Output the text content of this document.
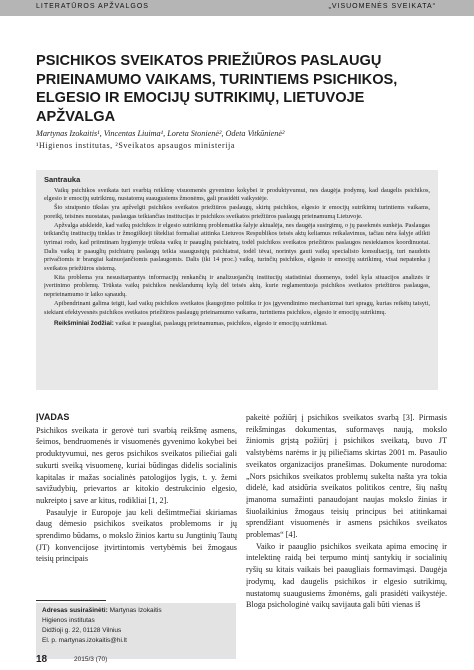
LITERATŪROS APŽVALGOS	„VISUOMENĖS SVEIKATA“
PSICHIKOS SVEIKATOS PRIEŽIŪROS PASLAUGŲ PRIEINAMUMO VAIKAMS, TURINTIEMS PSICHIKOS, ELGESIO IR EMOCIJŲ SUTRIKIMŲ, LIETUVOJE APŽVALGA
Martynas Izokaitis¹, Vincentas Liuima¹, Loreta Stonienė², Odeta Vitkūnienė²
¹Higienos institutas, ²Sveikatos apsaugos ministerija
Santrauka

Vaikų psichikos sveikata turi svarbią reikšmę visuomenės gyvenimo kokybei ir produktyvumui, nes daugėja įrodymų, kad daugelis psichikos, elgesio ir emocijų sutrikimų, nustatomų suaugusiems žmonėms, gali prasidėti vaikystėje.

Šio straipsnio tikslas yra apžvelgti psichikos sveikatos priežiūros paslaugų, skirtų psichikos, elgesio ir emocijų sutrikimų turintiems vaikams, poreikį, teisines nuostatas, paslaugas teikiančias institucijas ir psichikos sveikatos priežiūros paslaugų prieinamumą Lietuvoje.

Apžvalga atskleidė, kad vaikų psichikos ir elgesio sutrikimų problematika šalyje aktualėja, nes daugėja susirgimų, o jų pasekmės sunkėja. Paslaugas teikiančių institucijų tinklas ir žmogiškieji ištekliai formaliai atitinka Lietuvos Respublikos teisės aktų keliamus reikalavimus, tačiau nėra šalyje atlikti tyrimai rodo, kad priimtinam hygienyje trūksta vaikų ir paauglių psichiatrų, todėl psichikos sveikatos priežiūros paslaugos nesiekiamos koordinuotai. Dalis vaikų ir paauglių psichiatrų paslaugų teikia suaugusiųjų psichiatrai, todėl tėvai, norintys gauti vaikų specialisto konsultaciją, turi naudotis privačiomis ir brangiai kainuojančiomis paslaugomis. Dalis (iki 14 proc.) vaikų, turinčių psichikos, elgesio ir emocijų sutrikimų, visai nepatenka į sveikatos priežiūros sistemą.

Kita problema yra nesusitarpantys informacijų renkančių ir analizuojančių institucijų statistiniai duomenys, todėl kyla situacijos analizės ir įvertinimo problemų. Trūksta vaikų psichikos nesklandumų kylą dėl teisės aktų, kurie reglamentuoja psichikos sveikatos priežiūros paslaugas, neprieinamumo ir laiko sąnaudų.

Apibendrinant galima teigti, kad vaikų psichikos sveikatos įkaugojimo politika ir jos įgyvendinimo mechanizmai turi spragų, kurias reikėtų taisyti, siekiant efektyvesnės psichikos sveikatos priežiūros paslaugų prieinamumo vaikams, turintiems psichikos, elgesio ir emocijų sutrikimų.

Reikšminiai žodžiai: vaikai ir paaugliai, paslaugų prieinamumas, psichikos, elgesio ir emocijų sutrikimai.

ĮVADAS

Psichikos sveikata ir gerovė turi svarbią reikšmę asmens, šeimos, bendruomenės ir visuomenės gyvenimo kokybei bei produktyvumui, nes geros psichikos sveikatos piliečiai gali sukurti sveiką visuomenę, kuriai būdingas didelis socialinis kapitalas ir mažas socialinės patologijos lygis, t. y. žemi savižudybių, prievartos ar kitokio destrukcinio elgesio, nukreipto į save ar kitus, rodikliai [1, 2].

Pasaulyje ir Europoje jau keli dešimtmečiai skiriamas daug dėmesio psichikos sveikatos problemoms ir jų sprendimo būdams, o mokslo žinios kartu su Jungtinių Tautų (JT) konvencijose įtvirtintomis vertybėmis bei žmogaus teisių principais

pakeitė požiūrį į psichikos sveikatos svarbą [3]. Pirmasis reikšmingas dokumentas, suformavęs naują, mokslo žiniomis grįstą požiūrį į psichikos sveikatą, buvo JT valstybėms narėms ir jų piliečiams skirtas 2001 m. Pasaulio sveikatos organizacijos pranešimas. Dokumente nurodoma: „Nors psichikos sveikatos problemų sukelta našta yra tokia didelė, kad atsidūria sveikatos politikos centre, šių naštų įmanoma sumažinti panaudojant naujas mokslo žinias ir šiuolaikinius žmogaus teisių principus bei atitinkamai sprendžiant visuomenės ir asmens psichikos sveikatos problemas“ [4].

Vaiko ir paauglio psichikos sveikata apima emocinę ir intelektinę raidą bei terpumo mintį santykių ir socialinių ryšių su kitais vaikais bei paaugliais formavimąsi. Daugėja įrodymų, kad daugelis psichikos ir elgesio sutrikimų, nustatomų suaugusiems žmonėms, gali prasidėti vaikystėje. Bloga psichologinė vaikų savijauta gali būti vienas iš

Adresas susirašinėti: Martynas Izokaitis
Higienos institutas
Didžioji g. 22, 01128 Vilnius
El. p. martynas.izokaitis@hi.lt
18	2015/3 (70)
